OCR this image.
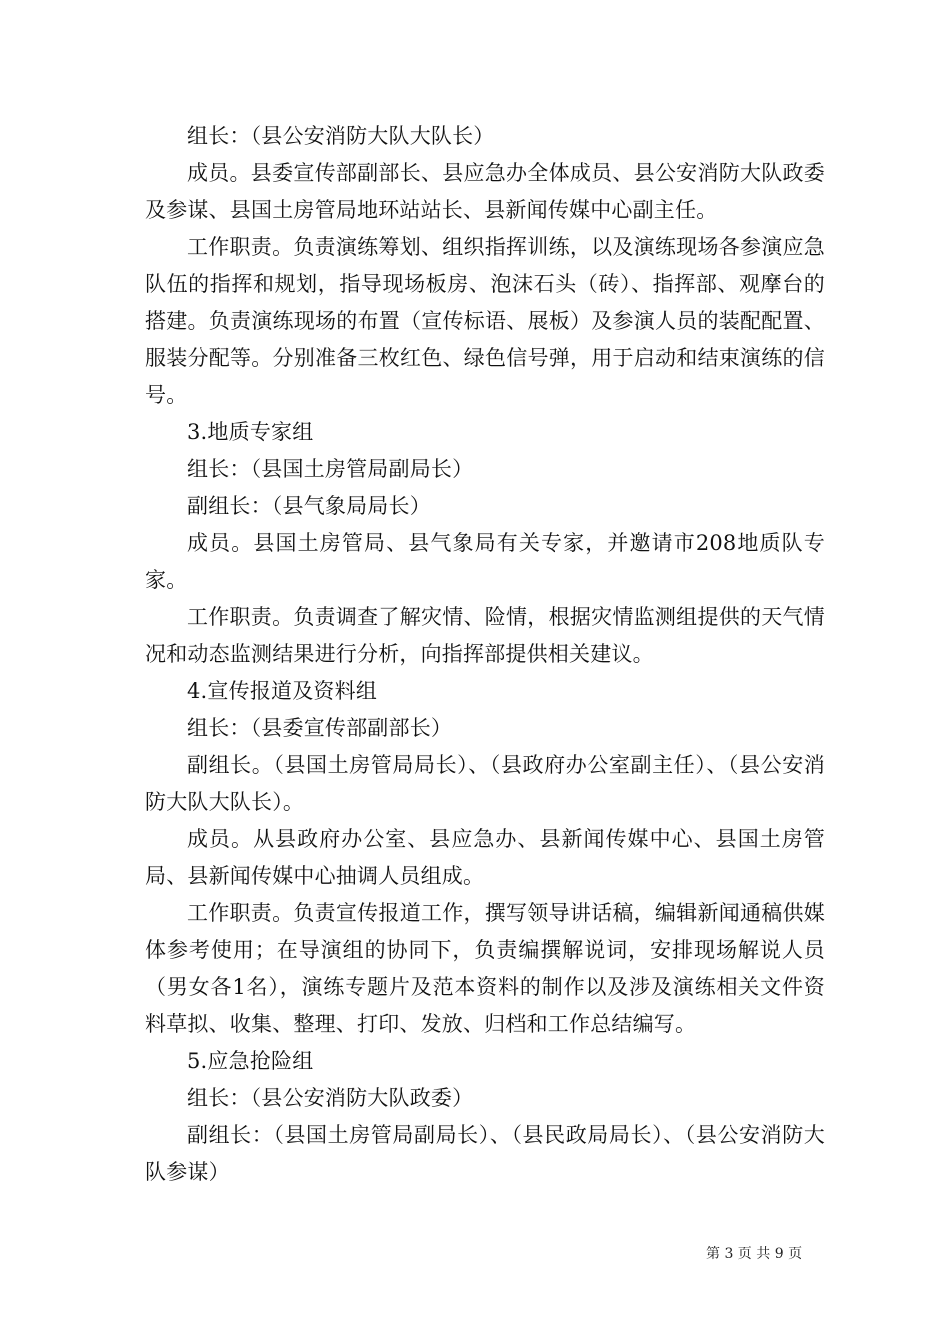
组长：（县公安消防大队大队长）

成员。县委宣传部副部长、县应急办全体成员、县公安消防大队政委及参谋、县国土房管局地环站站长、县新闻传媒中心副主任。

工作职责。负责演练筹划、组织指挥训练，以及演练现场各参演应急队伍的指挥和规划，指导现场板房、泡沫石头（砖）、指挥部、观摩台的搭建。负责演练现场的布置（宣传标语、展板）及参演人员的装配配置、服装分配等。分别准备三枚红色、绿色信号弹，用于启动和结束演练的信号。

3.地质专家组

组长：（县国土房管局副局长）

副组长：（县气象局局长）

成员。县国土房管局、县气象局有关专家，并邀请市208地质队专家。

工作职责。负责调查了解灾情、险情，根据灾情监测组提供的天气情况和动态监测结果进行分析，向指挥部提供相关建议。

4.宣传报道及资料组

组长：（县委宣传部副部长）

副组长。（县国土房管局局长）、（县政府办公室副主任）、（县公安消防大队大队长）。

成员。从县政府办公室、县应急办、县新闻传媒中心、县国土房管局、县新闻传媒中心抽调人员组成。

工作职责。负责宣传报道工作，撰写领导讲话稿，编辑新闻通稿供媒体参考使用；在导演组的协同下，负责编撰解说词，安排现场解说人员（男女各1名），演练专题片及范本资料的制作以及涉及演练相关文件资料草拟、收集、整理、打印、发放、归档和工作总结编写。

5.应急抢险组

组长：（县公安消防大队政委）

副组长：（县国土房管局副局长）、（县民政局局长）、（县公安消防大队参谋）

第 3 页 共 9 页
